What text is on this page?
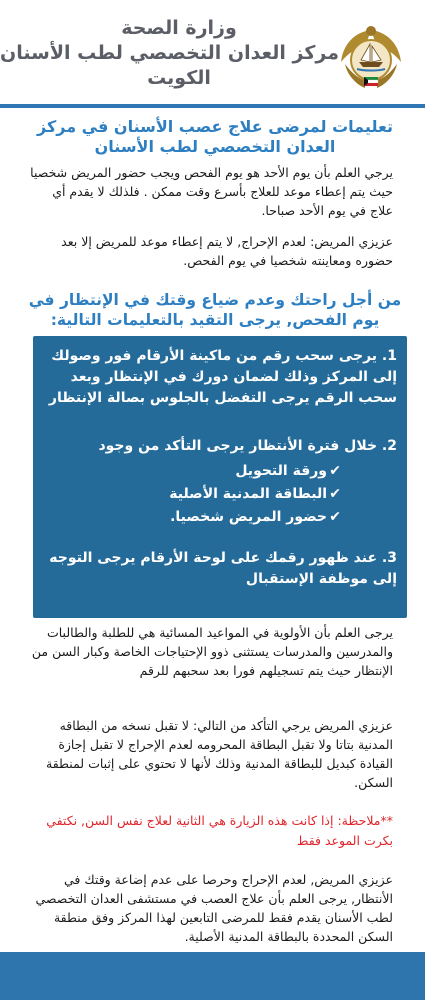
وزارة الصحة
مركز العدان التخصصي لطب الأسنان
الكويت
تعليمات لمرضى علاج عصب الأسنان في مركز العدان التخصصي لطب الأسنان
يرجي العلم بأن يوم الأحد هو يوم الفحص ويجب حضور المريض شخصيا حيث يتم إعطاء موعد للعلاج بأسرع وقت ممكن . فلذلك لا يقدم أي علاج في يوم الأحد صباحا.
عزيزي المريض: لعدم الإحراج, لا يتم إعطاء موعد للمريض إلا بعد حضوره ومعاينته شخصيا في يوم الفحص.
من أجل راحتك وعدم ضياع وقتك في الإنتظار في يوم الفحص, يرجى التقيد بالتعليمات التالية:
1. يرجى سحب رقم من ماكينة الأرقام فور وصولك إلى المركز وذلك لضمان دورك في الإنتظار وبعد سحب الرقم يرجى التفضل بالجلوس بصالة الإنتظار
2. خلال فترة الأنتظار يرجى التأكد من وجود
✔ورقة التحويل
✔البطاقة المدنية الأصلية
✔حضور المريض شخصيا.
3. عند ظهور رقمك على لوحة الأرقام يرجى التوجه إلى موظفة الإستقبال
يرجى العلم بأن الأولوية في المواعيد المسائية هي للطلبة والطالبات والمدرسين والمدرسات يستثنى ذوو الإحتياجات الخاصة وكبار السن من الإنتظار حيث يتم تسجيلهم فورا بعد سحبهم للرقم
عزيزي المريض يرجي التأكد من التالي: لا تقبل نسخه من البطاقه المدنية بتاتا ولا تقبل البطاقة المحرومه لعدم الإحراج لا تقبل إجازة القيادة كبديل للبطاقة المدنية وذلك لأنها لا تحتوي على إثبات لمنطقة السكن.
**ملاحظة: إذا كانت هذه الزيارة هي الثانية لعلاج نفس السن, نكتفي بكرت الموعد فقط
عزيزي المريض, لعدم الإحراج وحرصا على عدم إضاعة وقتك في الأنتظار, يرجى العلم بأن علاج العصب في مستشفى العدان التخصصي لطب الأسنان يقدم فقط للمرضى التابعين لهذا المركز وفق منطقة السكن المحددة بالبطاقة المدنية الأصلية.
